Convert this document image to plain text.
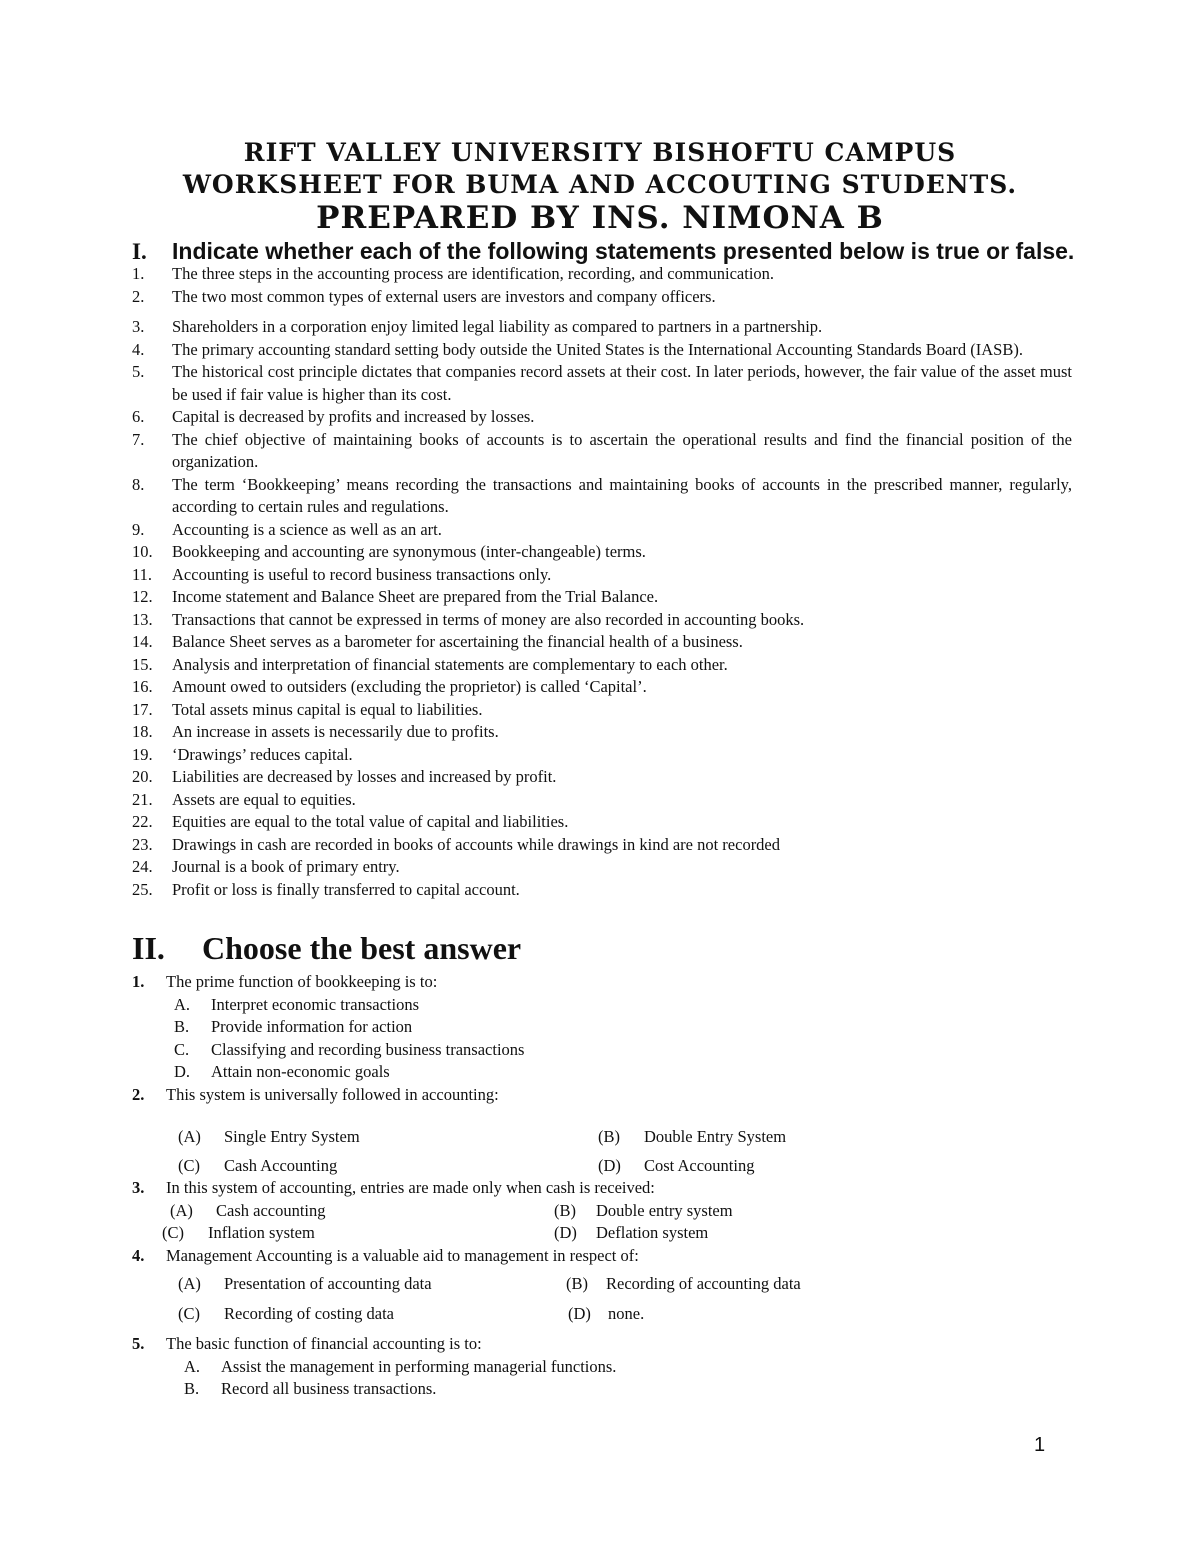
RIFT VALLEY UNIVERSITY BISHOFTU CAMPUS
WORKSHEET FOR BUMA AND ACCOUTING STUDENTS.
PREPARED BY INS. NIMONA B
I. Indicate whether each of the following statements presented below is true or false.
1.	The three steps in the accounting process are identification, recording, and communication.
2.	The two most common types of external users are investors and company officers.
3.	Shareholders in a corporation enjoy limited legal liability as compared to partners in a partnership.
4.	The primary accounting standard setting body outside the United States is the International Accounting Standards Board (IASB).
5.	The historical cost principle dictates that companies record assets at their cost. In later periods, however, the fair value of the asset must be used if fair value is higher than its cost.
6.	Capital is decreased by profits and increased by losses.
7.	The chief objective of maintaining books of accounts is to ascertain the operational results and find the financial position of the organization.
8.	The term ‘Bookkeeping’ means recording the transactions and maintaining books of accounts in the prescribed manner, regularly, according to certain rules and regulations.
9.	Accounting is a science as well as an art.
10.	Bookkeeping and accounting are synonymous (inter-changeable) terms.
11.	Accounting is useful to record business transactions only.
12.	Income statement and Balance Sheet are prepared from the Trial Balance.
13.	Transactions that cannot be expressed in terms of money are also recorded in accounting books.
14.	Balance Sheet serves as a barometer for ascertaining the financial health of a business.
15.	Analysis and interpretation of financial statements are complementary to each other.
16.	Amount owed to outsiders (excluding the proprietor) is called ‘Capital’.
17.	Total assets minus capital is equal to liabilities.
18.	An increase in assets is necessarily due to profits.
19.	‘Drawings’ reduces capital.
20.	Liabilities are decreased by losses and increased by profit.
21.	Assets are equal to equities.
22.	Equities are equal to the total value of capital and liabilities.
23.	Drawings in cash are recorded in books of accounts while drawings in kind are not recorded
24.	Journal is a book of primary entry.
25.	Profit or loss is finally transferred to capital account.
II. Choose the best answer
1.	The prime function of bookkeeping is to:
A.	Interpret economic transactions
B.	Provide information for action
C.	Classifying and recording business transactions
D.	Attain non-economic goals
2.	This system is universally followed in accounting:
(A) Single Entry System	(B) Double Entry System
(C) Cash Accounting	(D) Cost Accounting
3.	In this system of accounting, entries are made only when cash is received:
(A) Cash accounting	(B) Double entry system
(C) Inflation system	(D) Deflation system
4.	Management Accounting is a valuable aid to management in respect of:
(A) Presentation of accounting data	(B) Recording of accounting data
(C) Recording of costing data	(D) none.
5.	The basic function of financial accounting is to:
A.	Assist the management in performing managerial functions.
B.	Record all business transactions.
1
